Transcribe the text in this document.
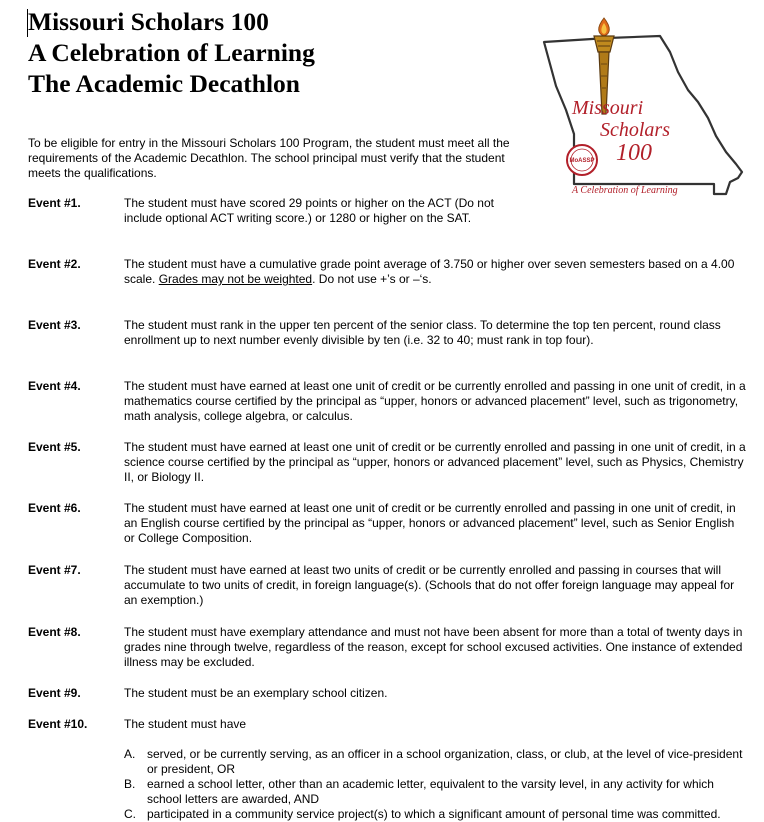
Missouri Scholars 100
A Celebration of Learning
The Academic Decathlon
Missouri
Scholars
100
MoASSP
A Celebration of Learning

To be eligible for entry in the Missouri Scholars 100 Program, the student must meet all the requirements of the Academic Decathlon. The school principal must verify that the student meets the qualifications.

Event #1.	The student must have scored 29 points or higher on the ACT (Do not include optional ACT writing score.) or 1280 or higher on the SAT.
Event #2.	The student must have a cumulative grade point average of 3.750 or higher over seven semesters based on a 4.00 scale. Grades may not be weighted. Do not use +’s or –‘s.
Event #3.	The student must rank in the upper ten percent of the senior class. To determine the top ten percent, round class enrollment up to next number evenly divisible by ten (i.e. 32 to 40; must rank in top four).
Event #4.	The student must have earned at least one unit of credit or be currently enrolled and passing in one unit of credit, in a mathematics course certified by the principal as “upper, honors or advanced placement” level, such as trigonometry, math analysis, college algebra, or calculus.
Event #5.	The student must have earned at least one unit of credit or be currently enrolled and passing in one unit of credit, in a science course certified by the principal as “upper, honors or advanced placement” level, such as Physics, Chemistry II, or Biology II.
Event #6.	The student must have earned at least one unit of credit or be currently enrolled and passing in one unit of credit, in an English course certified by the principal as “upper, honors or advanced placement” level, such as Senior English or College Composition.
Event #7.	The student must have earned at least two units of credit or be currently enrolled and passing in courses that will accumulate to two units of credit, in foreign language(s). (Schools that do not offer foreign language may appeal for an exemption.)
Event #8.	The student must have exemplary attendance and must not have been absent for more than a total of twenty days in grades nine through twelve, regardless of the reason, except for school excused activities. One instance of extended illness may be excluded.
Event #9.	The student must be an exemplary school citizen.
Event #10.	The student must have
A. served, or be currently serving, as an officer in a school organization, class, or club, at the level of vice-president or president, OR
B. earned a school letter, other than an academic letter, equivalent to the varsity level, in any activity for which school letters are awarded, AND
C. participated in a community service project(s) to which a significant amount of personal time was committed.
